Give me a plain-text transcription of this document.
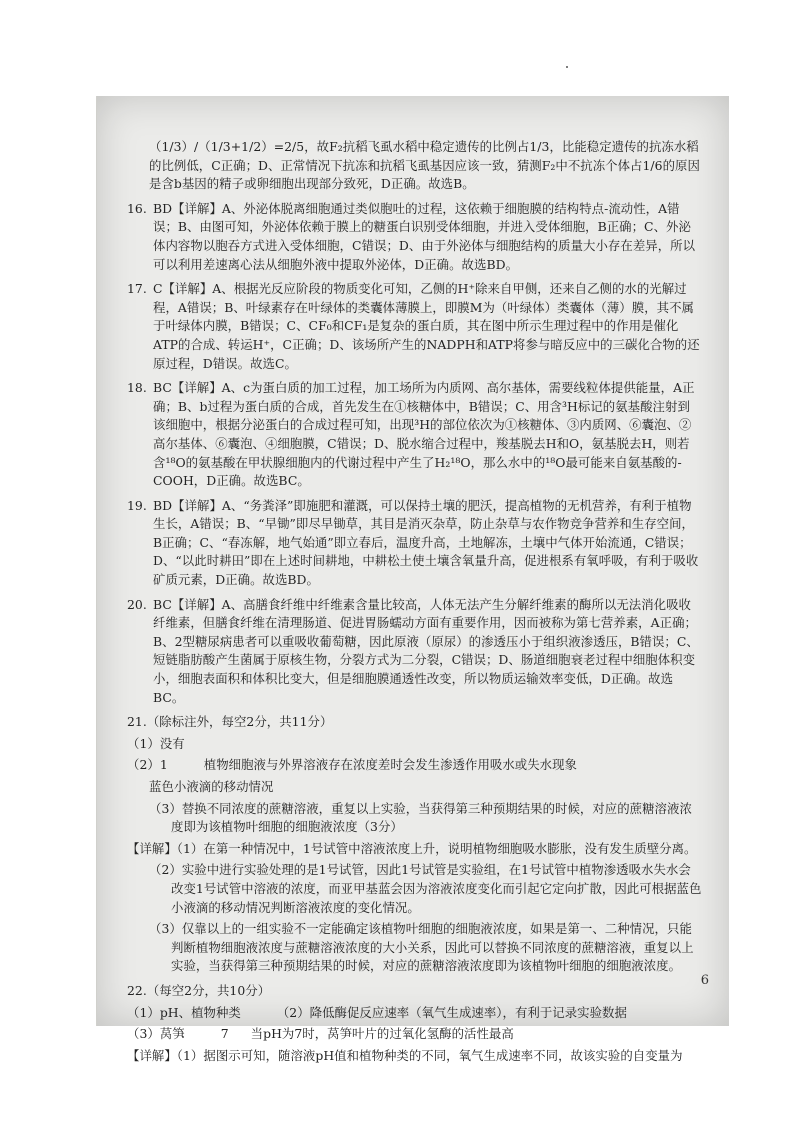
（1/3）/（1/3+1/2）=2/5，故F₂抗稻飞虱水稻中稳定遗传的比例占1/3，比能稳定遗传的抗冻水稻的比例低，C正确；D、正常情况下抗冻和抗稻飞虱基因应该一致，猜测F₂中不抗冻个体占1/6的原因是含b基因的精子或卵细胞出现部分致死，D正确。故选B。
16. BD【详解】A、外泌体脱离细胞通过类似胞吐的过程，这依赖于细胞膜的结构特点-流动性，A错误；B、由图可知，外泌体依赖于膜上的糖蛋白识别受体细胞，并进入受体细胞，B正确；C、外泌体内容物以胞吞方式进入受体细胞，C错误；D、由于外泌体与细胞结构的质量大小存在差异，所以可以利用差速离心法从细胞外液中提取外泌体，D正确。故选BD。
17. C【详解】A、根据光反应阶段的物质变化可知，乙侧的H⁺除来自甲侧，还来自乙侧的水的光解过程，A错误；B、叶绿素存在叶绿体的类囊体薄膜上，即膜M为（叶绿体）类囊体（薄）膜，其不属于叶绿体内膜，B错误；C、CF₀和CF₁是复杂的蛋白质，其在图中所示生理过程中的作用是催化ATP的合成、转运H⁺，C正确；D、该场所产生的NADPH和ATP将参与暗反应中的三碳化合物的还原过程，D错误。故选C。
18. BC【详解】A、c为蛋白质的加工过程，加工场所为内质网、高尔基体，需要线粒体提供能量，A正确；B、b过程为蛋白质的合成，首先发生在①核糖体中，B错误；C、用含³H标记的氨基酸注射到该细胞中，根据分泌蛋白的合成过程可知，出现³H的部位依次为①核糖体、③内质网、⑥囊泡、②高尔基体、⑥囊泡、④细胞膜，C错误；D、脱水缩合过程中，羧基脱去H和O，氨基脱去H，则若含¹⁸O的氨基酸在甲状腺细胞内的代谢过程中产生了H₂¹⁸O，那么水中的¹⁸O最可能来自氨基酸的-COOH，D正确。故选BC。
19. BD【详解】A、“务粪泽”即施肥和灌溉，可以保持土壤的肥沃，提高植物的无机营养，有利于植物生长，A错误；B、“早锄”即尽早锄草，其目是消灭杂草，防止杂草与农作物竞争营养和生存空间，B正确；C、“春冻解，地气始通”即立春后，温度升高，土地解冻，土壤中气体开始流通，C错误；D、“以此时耕田”即在上述时间耕地，中耕松土使土壤含氧量升高，促进根系有氧呼吸，有利于吸收矿质元素，D正确。故选BD。
20. BC【详解】A、高膳食纤维中纤维素含量比较高，人体无法产生分解纤维素的酶所以无法消化吸收纤维素，但膳食纤维在清理肠道、促进胃肠蠕动方面有重要作用，因而被称为第七营养素，A正确；B、2型糖尿病患者可以重吸收葡萄糖，因此原液（原尿）的渗透压小于组织液渗透压，B错误；C、短链脂肪酸产生菌属于原核生物，分裂方式为二分裂，C错误；D、肠道细胞衰老过程中细胞体积变小，细胞表面积和体积比变大，但是细胞膜通透性改变，所以物质运输效率变低，D正确。故选BC。
21.（除标注外，每空2分，共11分）
（1）没有
（2）1	植物细胞液与外界溶液存在浓度差时会发生渗透作用吸水或失水现象
蓝色小液滴的移动情况
（3）替换不同浓度的蔗糖溶液，重复以上实验，当获得第三种预期结果的时候，对应的蔗糖溶液浓度即为该植物叶细胞的细胞液浓度（3分）
【详解】（1）在第一种情况中，1号试管中溶液浓度上升，说明植物细胞吸水膨胀，没有发生质壁分离。
（2）实验中进行实验处理的是1号试管，因此1号试管是实验组，在1号试管中植物渗透吸水失水会改变1号试管中溶液的浓度，而亚甲基蓝会因为溶液浓度变化而引起它定向扩散，因此可根据蓝色小液滴的移动情况判断溶液浓度的变化情况。
（3）仅靠以上的一组实验不一定能确定该植物叶细胞的细胞液浓度，如果是第一、二种情况，只能判断植物细胞液浓度与蔗糖溶液浓度的大小关系，因此可以替换不同浓度的蔗糖溶液，重复以上实验，当获得第三种预期结果的时候，对应的蔗糖溶液浓度即为该植物叶细胞的细胞液浓度。
22.（每空2分，共10分）
（1）pH、植物种类	（2）降低酶促反应速率（氧气生成速率），有利于记录实验数据
（3）莴笋	7 当pH为7时，莴笋叶片的过氧化氢酶的活性最高
【详解】（1）据图示可知，随溶液pH值和植物种类的不同，氧气生成速率不同，故该实验的自变量为
6
